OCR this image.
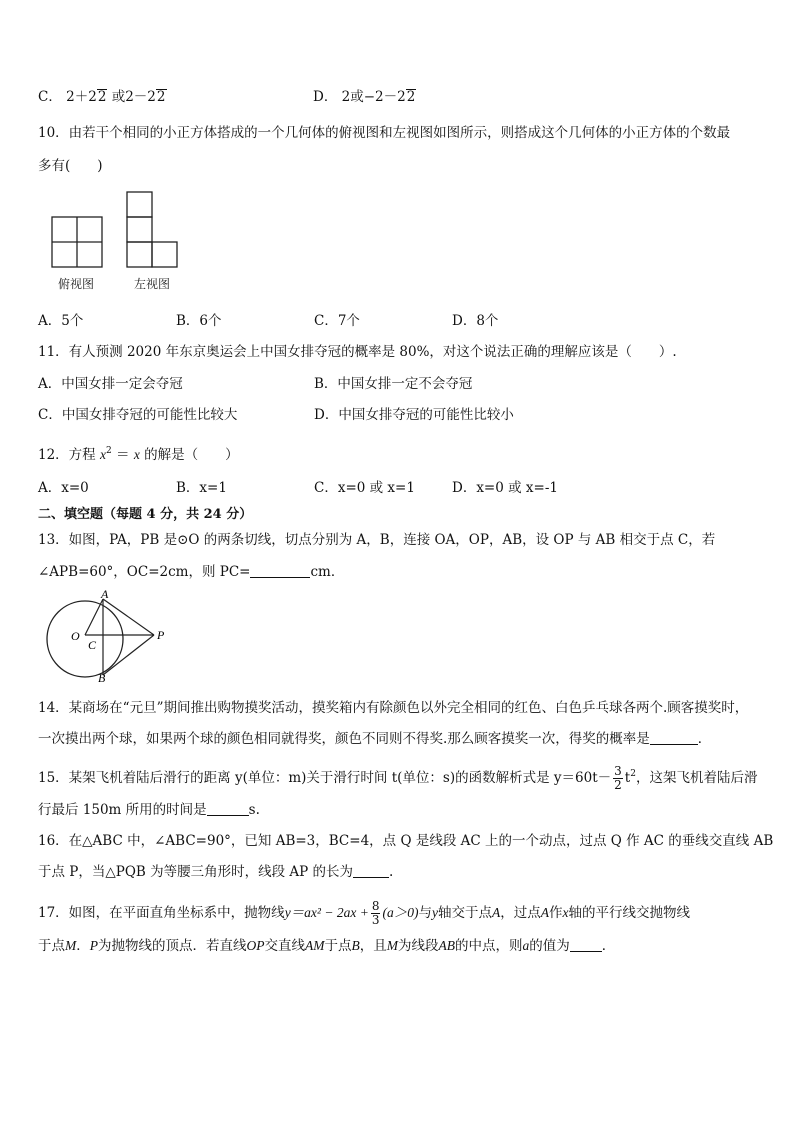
C． 2＋22 或2－22	D． 2或−2－22
10．由若干个相同的小正方体搭成的一个几何体的俯视图和左视图如图所示，则搭成这个几何体的小正方体的个数最
多有(　　)
俯视图	左视图
A．5个	B．6个	C．7个	D．8个
11．有人预测 2020 年东京奥运会上中国女排夺冠的概率是 80%，对这个说法正确的理解应该是（　　）.
A．中国女排一定会夺冠	B．中国女排一定不会夺冠
C．中国女排夺冠的可能性比较大	D．中国女排夺冠的可能性比较小
12．方程 $x^2 = x$ 的解是（　　）
A．x=0	B．x=1	C．x=0 或 x=1	D．x=0 或 x=-1
二、填空题（每题 4 分，共 24 分）
13．如图，PA，PB 是⊙O 的两条切线，切点分别为 A，B，连接 OA，OP，AB，设 OP 与 AB 相交于点 C，若
∠APB=60°，OC=2cm，则 PC=	cm．
A
B
O
C
P
14．某商场在“元旦”期间推出购物摸奖活动，摸奖箱内有除颜色以外完全相同的红色、白色乒乓球各两个.顾客摸奖时，
一次摸出两个球，如果两个球的颜色相同就得奖，颜色不同则不得奖.那么顾客摸奖一次，得奖的概率是	．
15．某架飞机着陆后滑行的距离 y(单位：m)关于滑行时间 t(单位：s)的函数解析式是 $y=60t- \frac{3}{2} t^2$，这架飞机着陆后滑
行最后 150m 所用的时间是	s.
16．在△ABC 中，∠ABC=90°，已知 AB=3，BC=4，点 Q 是线段 AC 上的一个动点，过点 Q 作 AC 的垂线交直线 AB
于点 P，当△PQB 为等腰三角形时，线段 AP 的长为	.
17．如图，在平面直角坐标系中，抛物线$y=ax^2 - 2ax + \frac{8}{3} (a>0)$与y轴交于点A，过点A作x轴的平行线交抛物线
于点M．P为抛物线的顶点．若直线OP交直线AM于点B，且M为线段AB的中点，则a的值为 ．
